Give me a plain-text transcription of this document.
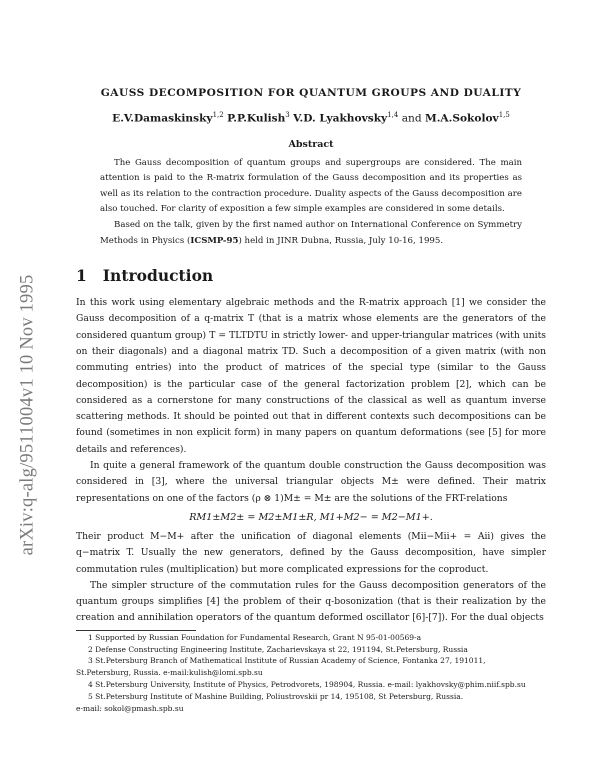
arXiv:q-alg/9511004v1 10 Nov 1995
GAUSS DECOMPOSITION FOR QUANTUM GROUPS AND DUALITY
E.V.Damaskinsky$^{1,2}$ P.P.Kulish$^3$ V.D. Lyakhovsky$^{1,4}$ and M.A.Sokolov$^{1,5}$
Abstract

The Gauss decomposition of quantum groups and supergroups are considered. The main attention is paid to the R-matrix formulation of the Gauss decomposition and its properties as well as its relation to the contraction procedure. Duality aspects of the Gauss decomposition are also touched. For clarity of exposition a few simple examples are considered in some details.

Based on the talk, given by the first named author on International Conference on Symmetry Methods in Physics (ICSMP-95) held in JINR Dubna, Russia, July 10-16, 1995.

1 Introduction

In this work using elementary algebraic methods and the R-matrix approach [1] we consider the Gauss decomposition of a q-matrix T (that is a matrix whose elements are the generators of the considered quantum group) T = TLTDTU in strictly lower- and upper-triangular matrices (with units on their diagonals) and a diagonal matrix TD. Such a decomposition of a given matrix (with non commuting entries) into the product of matrices of the special type (similar to the Gauss decomposition) is the particular case of the general factorization problem [2], which can be considered as a cornerstone for many constructions of the classical as well as quantum inverse scattering methods. It should be pointed out that in different contexts such decompositions can be found (sometimes in non explicit form) in many papers on quantum deformations (see [5] for more details and references).

In quite a general framework of the quantum double construction the Gauss decomposition was considered in [3], where the universal triangular objects M± were defined. Their matrix representations on one of the factors (ρ ⊗ 1)M± = M± are the solutions of the FRT-relations

RM1±M2± = M2±M1±R, M1+M2− = M2−M1+.

Their product M−M+ after the unification of diagonal elements (Mii−Mii+ = Aii) gives the q−matrix T. Usually the new generators, defined by the Gauss decomposition, have simpler commutation rules (multiplication) but more complicated expressions for the coproduct.

The simpler structure of the commutation rules for the Gauss decomposition generators of the quantum groups simplifies [4] the problem of their q-bosonization (that is their realization by the creation and annihilation operators of the quantum deformed oscillator [6]-[7]). For the dual objects

1 Supported by Russian Foundation for Fundamental Research, Grant N 95-01-00569-a

2 Defense Constructing Engineering Institute, Zacharievskaya st 22, 191194, St.Petersburg, Russia

3 St.Petersburg Branch of Mathematical Institute of Russian Academy of Science, Fontanka 27, 191011,

St.Petersburg, Russia. e-mail:kulish@lomi.spb.su

4 St.Petersburg University, Institute of Physics, Petrodvorets, 198904, Russia. e-mail: lyakhovsky@phim.niif.spb.su

5 St.Petersburg Institute of Mashine Building, Poliustrovskii pr 14, 195108, St Petersburg, Russia.

e-mail: sokol@pmash.spb.su
